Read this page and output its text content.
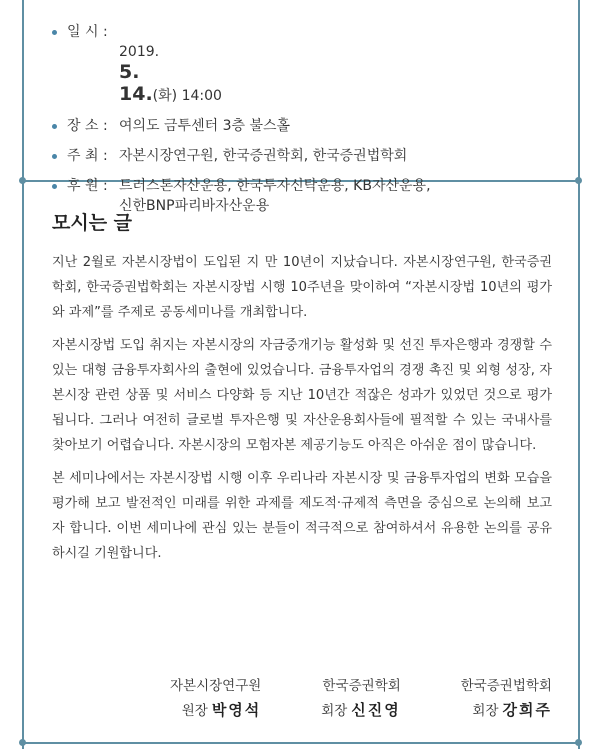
일 시 :

2019.
5.
14.(화) 14:00

장 소 : 여의도 금투센터 3층 불스홀
주 최 : 자본시장연구원, 한국증권학회, 한국증권법학회
후 원 : 트러스톤자산운용, 한국투자신탁운용, KB자산운용,
신한BNP파리바자산운용
모시는 글

지난 2월로 자본시장법이 도입된 지 만 10년이 지났습니다. 자본시장연구원, 한국증권학회, 한국증권법학회는 자본시장법 시행 10주년을 맞이하여 “자본시장법 10년의 평가와 과제”를 주제로 공동세미나를 개최합니다.

자본시장법 도입 취지는 자본시장의 자금중개기능 활성화 및 선진 투자은행과 경쟁할 수 있는 대형 금융투자회사의 출현에 있었습니다. 금융투자업의 경쟁 촉진 및 외형 성장, 자본시장 관련 상품 및 서비스 다양화 등 지난 10년간 적잖은 성과가 있었던 것으로 평가됩니다. 그러나 여전히 글로벌 투자은행 및 자산운용회사들에 필적할 수 있는 국내사를 찾아보기 어렵습니다. 자본시장의 모험자본 제공기능도 아직은 아쉬운 점이 많습니다.

본 세미나에서는 자본시장법 시행 이후 우리나라 자본시장 및 금융투자업의 변화 모습을 평가해 보고 발전적인 미래를 위한 과제를 제도적·규제적 측면을 중심으로 논의해 보고자 합니다. 이번 세미나에 관심 있는 분들이 적극적으로 참여하셔서 유용한 논의를 공유하시길 기원합니다.

자본시장연구원
원장 박영석
한국증권학회
회장 신진영
한국증권법학회
회장 강희주
